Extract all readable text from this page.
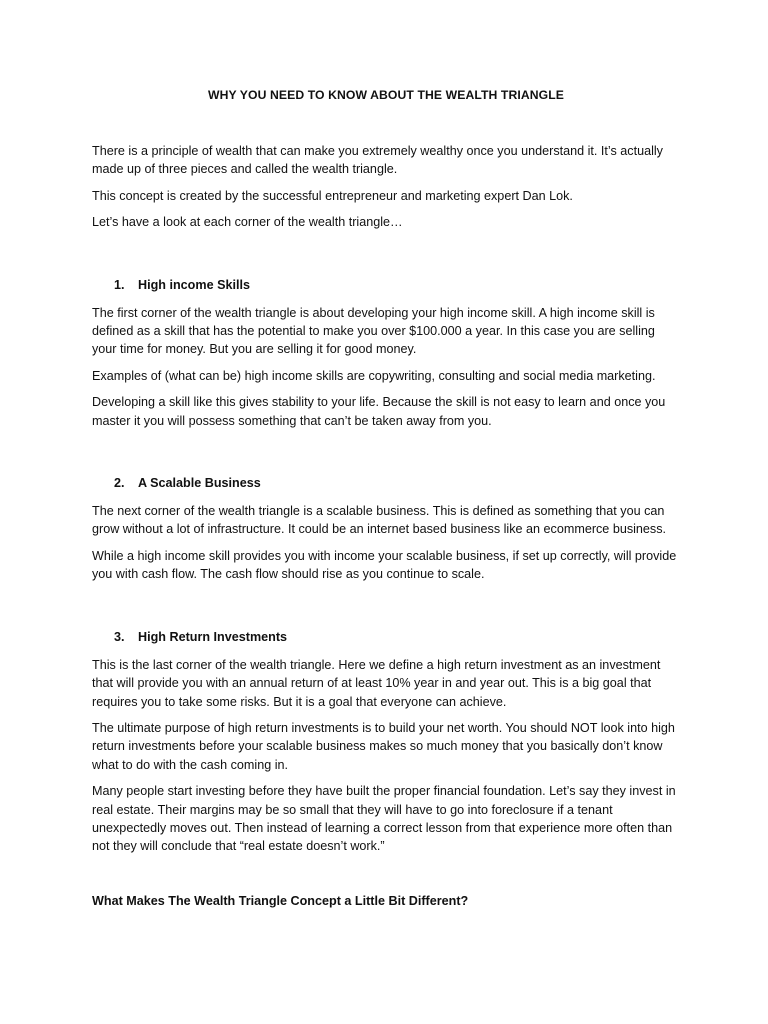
WHY YOU NEED TO KNOW ABOUT THE WEALTH TRIANGLE

There is a principle of wealth that can make you extremely wealthy once you understand it. It’s actually made up of three pieces and called the wealth triangle.

This concept is created by the successful entrepreneur and marketing expert Dan Lok.

Let’s have a look at each corner of the wealth triangle…

1.	High income Skills

The first corner of the wealth triangle is about developing your high income skill. A high income skill is defined as a skill that has the potential to make you over $100.000 a year. In this case you are selling your time for money. But you are selling it for good money.

Examples of (what can be) high income skills are copywriting, consulting and social media marketing.

Developing a skill like this gives stability to your life. Because the skill is not easy to learn and once you master it you will possess something that can’t be taken away from you.

2.	A Scalable Business

The next corner of the wealth triangle is a scalable business. This is defined as something that you can grow without a lot of infrastructure. It could be an internet based business like an ecommerce business.

While a high income skill provides you with income your scalable business, if set up correctly, will provide you with cash flow. The cash flow should rise as you continue to scale.

3.	High Return Investments

This is the last corner of the wealth triangle. Here we define a high return investment as an investment that will provide you with an annual return of at least 10% year in and year out. This is a big goal that requires you to take some risks. But it is a goal that everyone can achieve.

The ultimate purpose of high return investments is to build your net worth. You should NOT look into high return investments before your scalable business makes so much money that you basically don’t know what to do with the cash coming in.

Many people start investing before they have built the proper financial foundation. Let’s say they invest in real estate. Their margins may be so small that they will have to go into foreclosure if a tenant unexpectedly moves out. Then instead of learning a correct lesson from that experience more often than not they will conclude that “real estate doesn’t work.”

What Makes The Wealth Triangle Concept a Little Bit Different?
